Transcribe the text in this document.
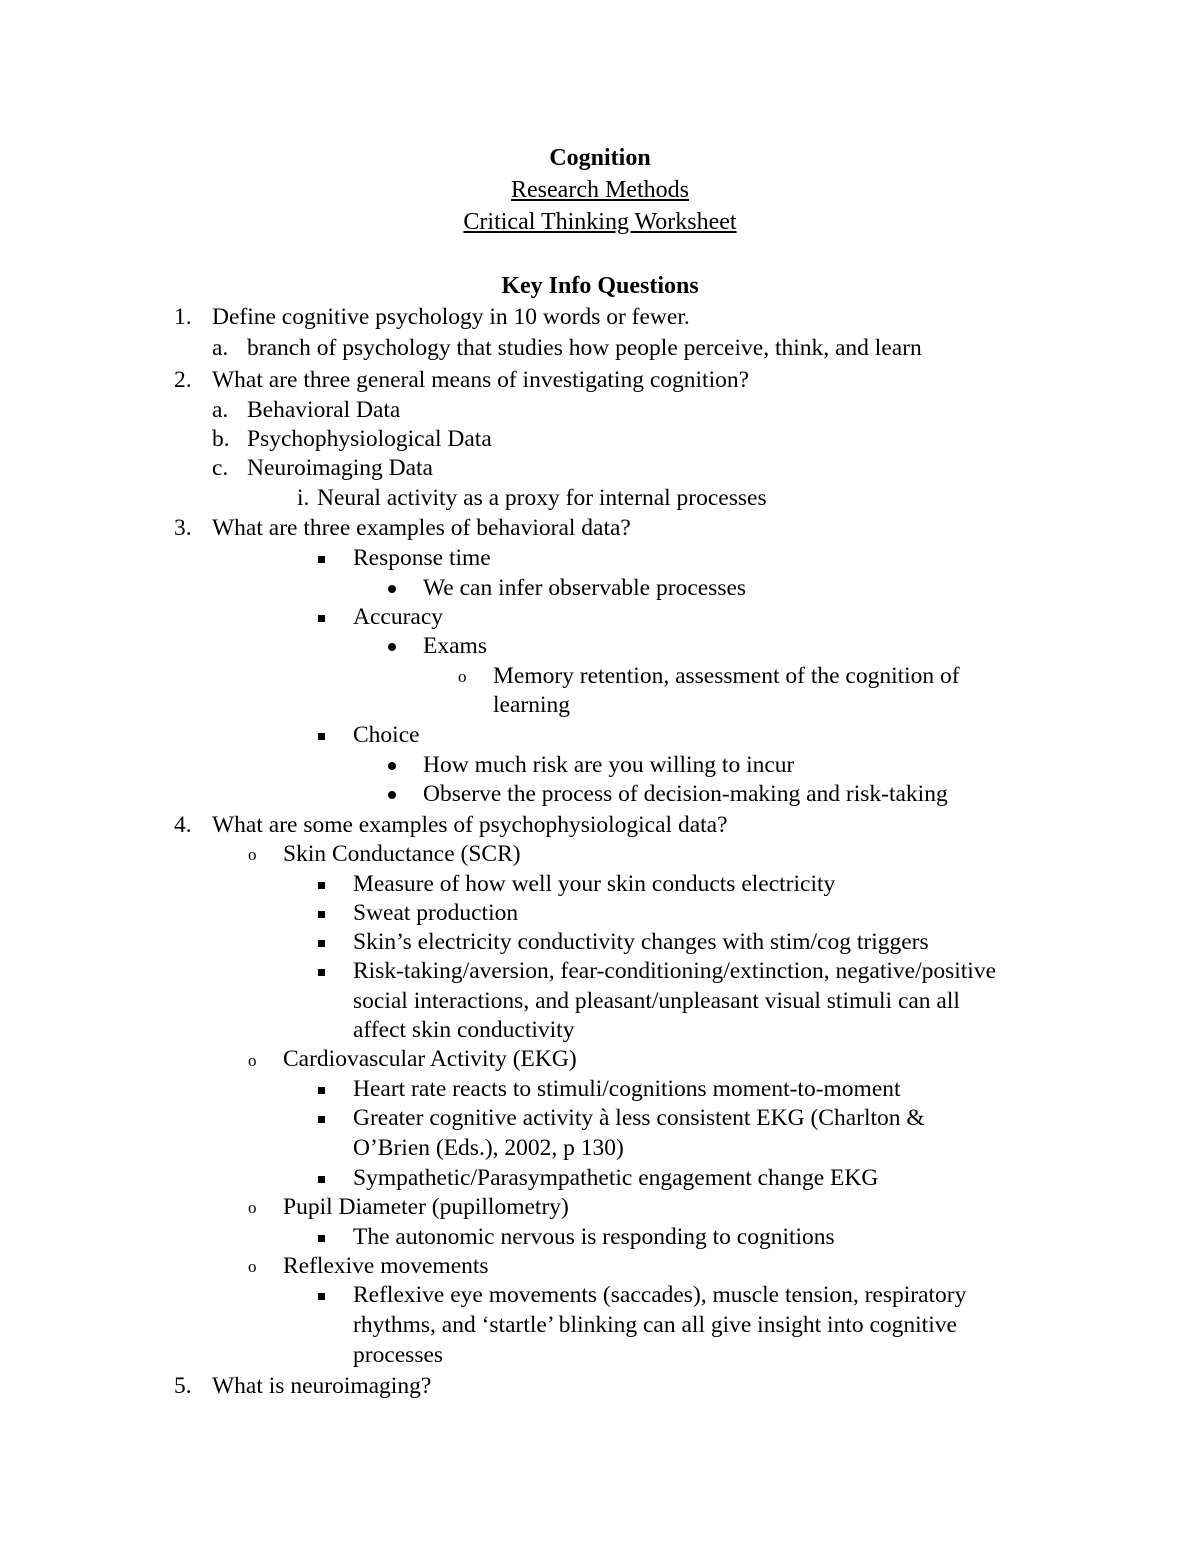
Cognition
Research Methods
Critical Thinking Worksheet
Key Info Questions
1. Define cognitive psychology in 10 words or fewer.
a. branch of psychology that studies how people perceive, think, and learn
2. What are three general means of investigating cognition?
a. Behavioral Data
b. Psychophysiological Data
c. Neuroimaging Data
i. Neural activity as a proxy for internal processes
3. What are three examples of behavioral data?
Response time
We can infer observable processes
Accuracy
Exams
o Memory retention, assessment of the cognition of
learning
Choice
How much risk are you willing to incur
Observe the process of decision-making and risk-taking
4. What are some examples of psychophysiological data?
o Skin Conductance (SCR)
Measure of how well your skin conducts electricity
Sweat production
Skin’s electricity conductivity changes with stim/cog triggers
Risk-taking/aversion, fear-conditioning/extinction, negative/positive
social interactions, and pleasant/unpleasant visual stimuli can all
affect skin conductivity
o Cardiovascular Activity (EKG)
Heart rate reacts to stimuli/cognitions moment-to-moment
Greater cognitive activity à less consistent EKG (Charlton &
O’Brien (Eds.), 2002, p 130)
Sympathetic/Parasympathetic engagement change EKG
o Pupil Diameter (pupillometry)
The autonomic nervous is responding to cognitions
o Reflexive movements
Reflexive eye movements (saccades), muscle tension, respiratory
rhythms, and ‘startle’ blinking can all give insight into cognitive
processes
5. What is neuroimaging?
